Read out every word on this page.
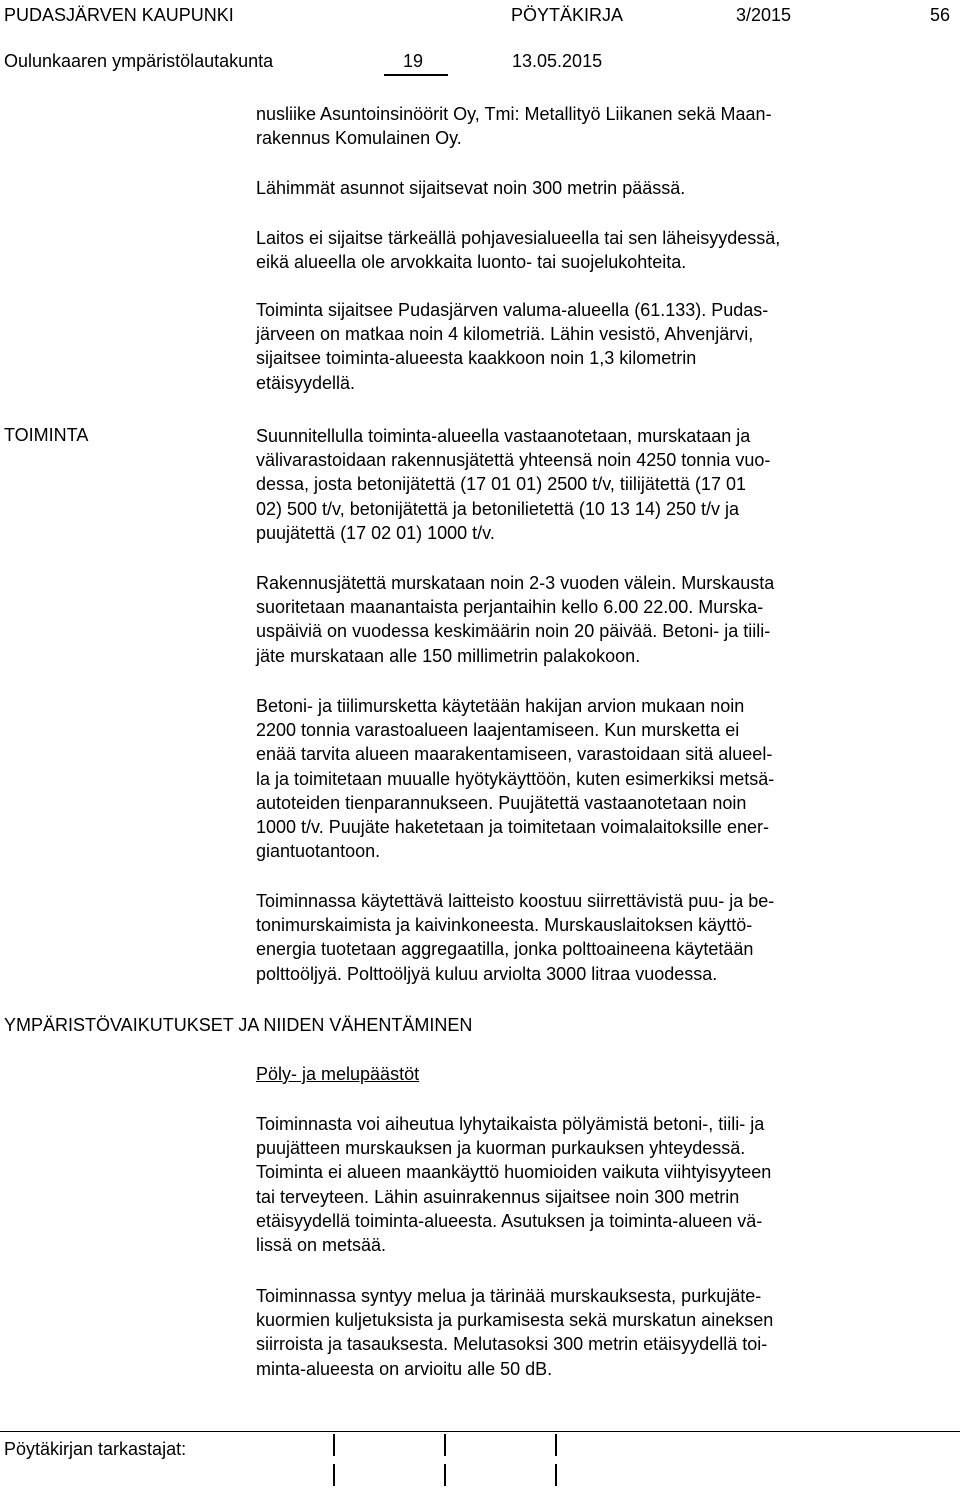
PUDASJÄRVEN KAUPUNKI	PÖYTÄKIRJA	3/2015	56
Oulunkaaren ympäristölautakunta	19	13.05.2015
nusliike Asuntoinsinöörit Oy, Tmi: Metallityö Liikanen sekä Maan-
rakennus Komulainen Oy.
Lähimmät asunnot sijaitsevat noin 300 metrin päässä.
Laitos ei sijaitse tärkeällä pohjavesialueella tai sen läheisyydessä,
eikä alueella ole arvokkaita luonto- tai suojelukohteita.
Toiminta sijaitsee Pudasjärven valuma-alueella (61.133). Pudas-
järveen on matkaa noin 4 kilometriä. Lähin vesistö, Ahvenjärvi,
sijaitsee toiminta-alueesta kaakkoon noin 1,3 kilometrin
etäisyydellä.
TOIMINTA	Suunnitellulla toiminta-alueella vastaanotetaan, murskataan ja
välivarastoidaan rakennusjätettä yhteensä noin 4250 tonnia vuo-
dessa, josta betonijätettä (17 01 01) 2500 t/v, tiilijätettä (17 01
02) 500 t/v, betonijätettä ja betonilietettä (10 13 14) 250 t/v ja
puujätettä (17 02 01) 1000 t/v.
Rakennusjätettä murskataan noin 2-3 vuoden välein. Murskausta
suoritetaan maanantaista perjantaihin kello 6.00 22.00. Murska-
uspäiviä on vuodessa keskimäärin noin 20 päivää. Betoni- ja tiili-
jäte murskataan alle 150 millimetrin palakokoon.
Betoni- ja tiilimursketta käytetään hakijan arvion mukaan noin
2200 tonnia varastoalueen laajentamiseen. Kun mursketta ei
enää tarvita alueen maarakentamiseen, varastoidaan sitä alueel-
la ja toimitetaan muualle hyötykäyttöön, kuten esimerkiksi metsä-
autoteiden tienparannukseen. Puujätettä vastaanotetaan noin
1000 t/v. Puujäte haketetaan ja toimitetaan voimalaitoksille ener-
giantuotantoon.
Toiminnassa käytettävä laitteisto koostuu siirrettävistä puu- ja be-
tonimurskaimista ja kaivinkoneesta. Murskauslaitoksen käyttö-
energia tuotetaan aggregaatilla, jonka polttoaineena käytetään
polttoöljyä. Polttoöljyä kuluu arviolta 3000 litraa vuodessa.
YMPÄRISTÖVAIKUTUKSET JA NIIDEN VÄHENTÄMINEN
Pöly- ja melupäästöt
Toiminnasta voi aiheutua lyhytaikaista pölyämistä betoni-, tiili- ja
puujätteen murskauksen ja kuorman purkauksen yhteydessä.
Toiminta ei alueen maankäyttö huomioiden vaikuta viihtyisyyteen
tai terveyteen. Lähin asuinrakennus sijaitsee noin 300 metrin
etäisyydellä toiminta-alueesta. Asutuksen ja toiminta-alueen vä-
lissä on metsää.
Toiminnassa syntyy melua ja tärinää murskauksesta, purkujäte-
kuormien kuljetuksista ja purkamisesta sekä murskatun aineksen
siirroista ja tasauksesta. Melutasoksi 300 metrin etäisyydellä toi-
minta-alueesta on arvioitu alle 50 dB.
Pöytäkirjan tarkastajat:
